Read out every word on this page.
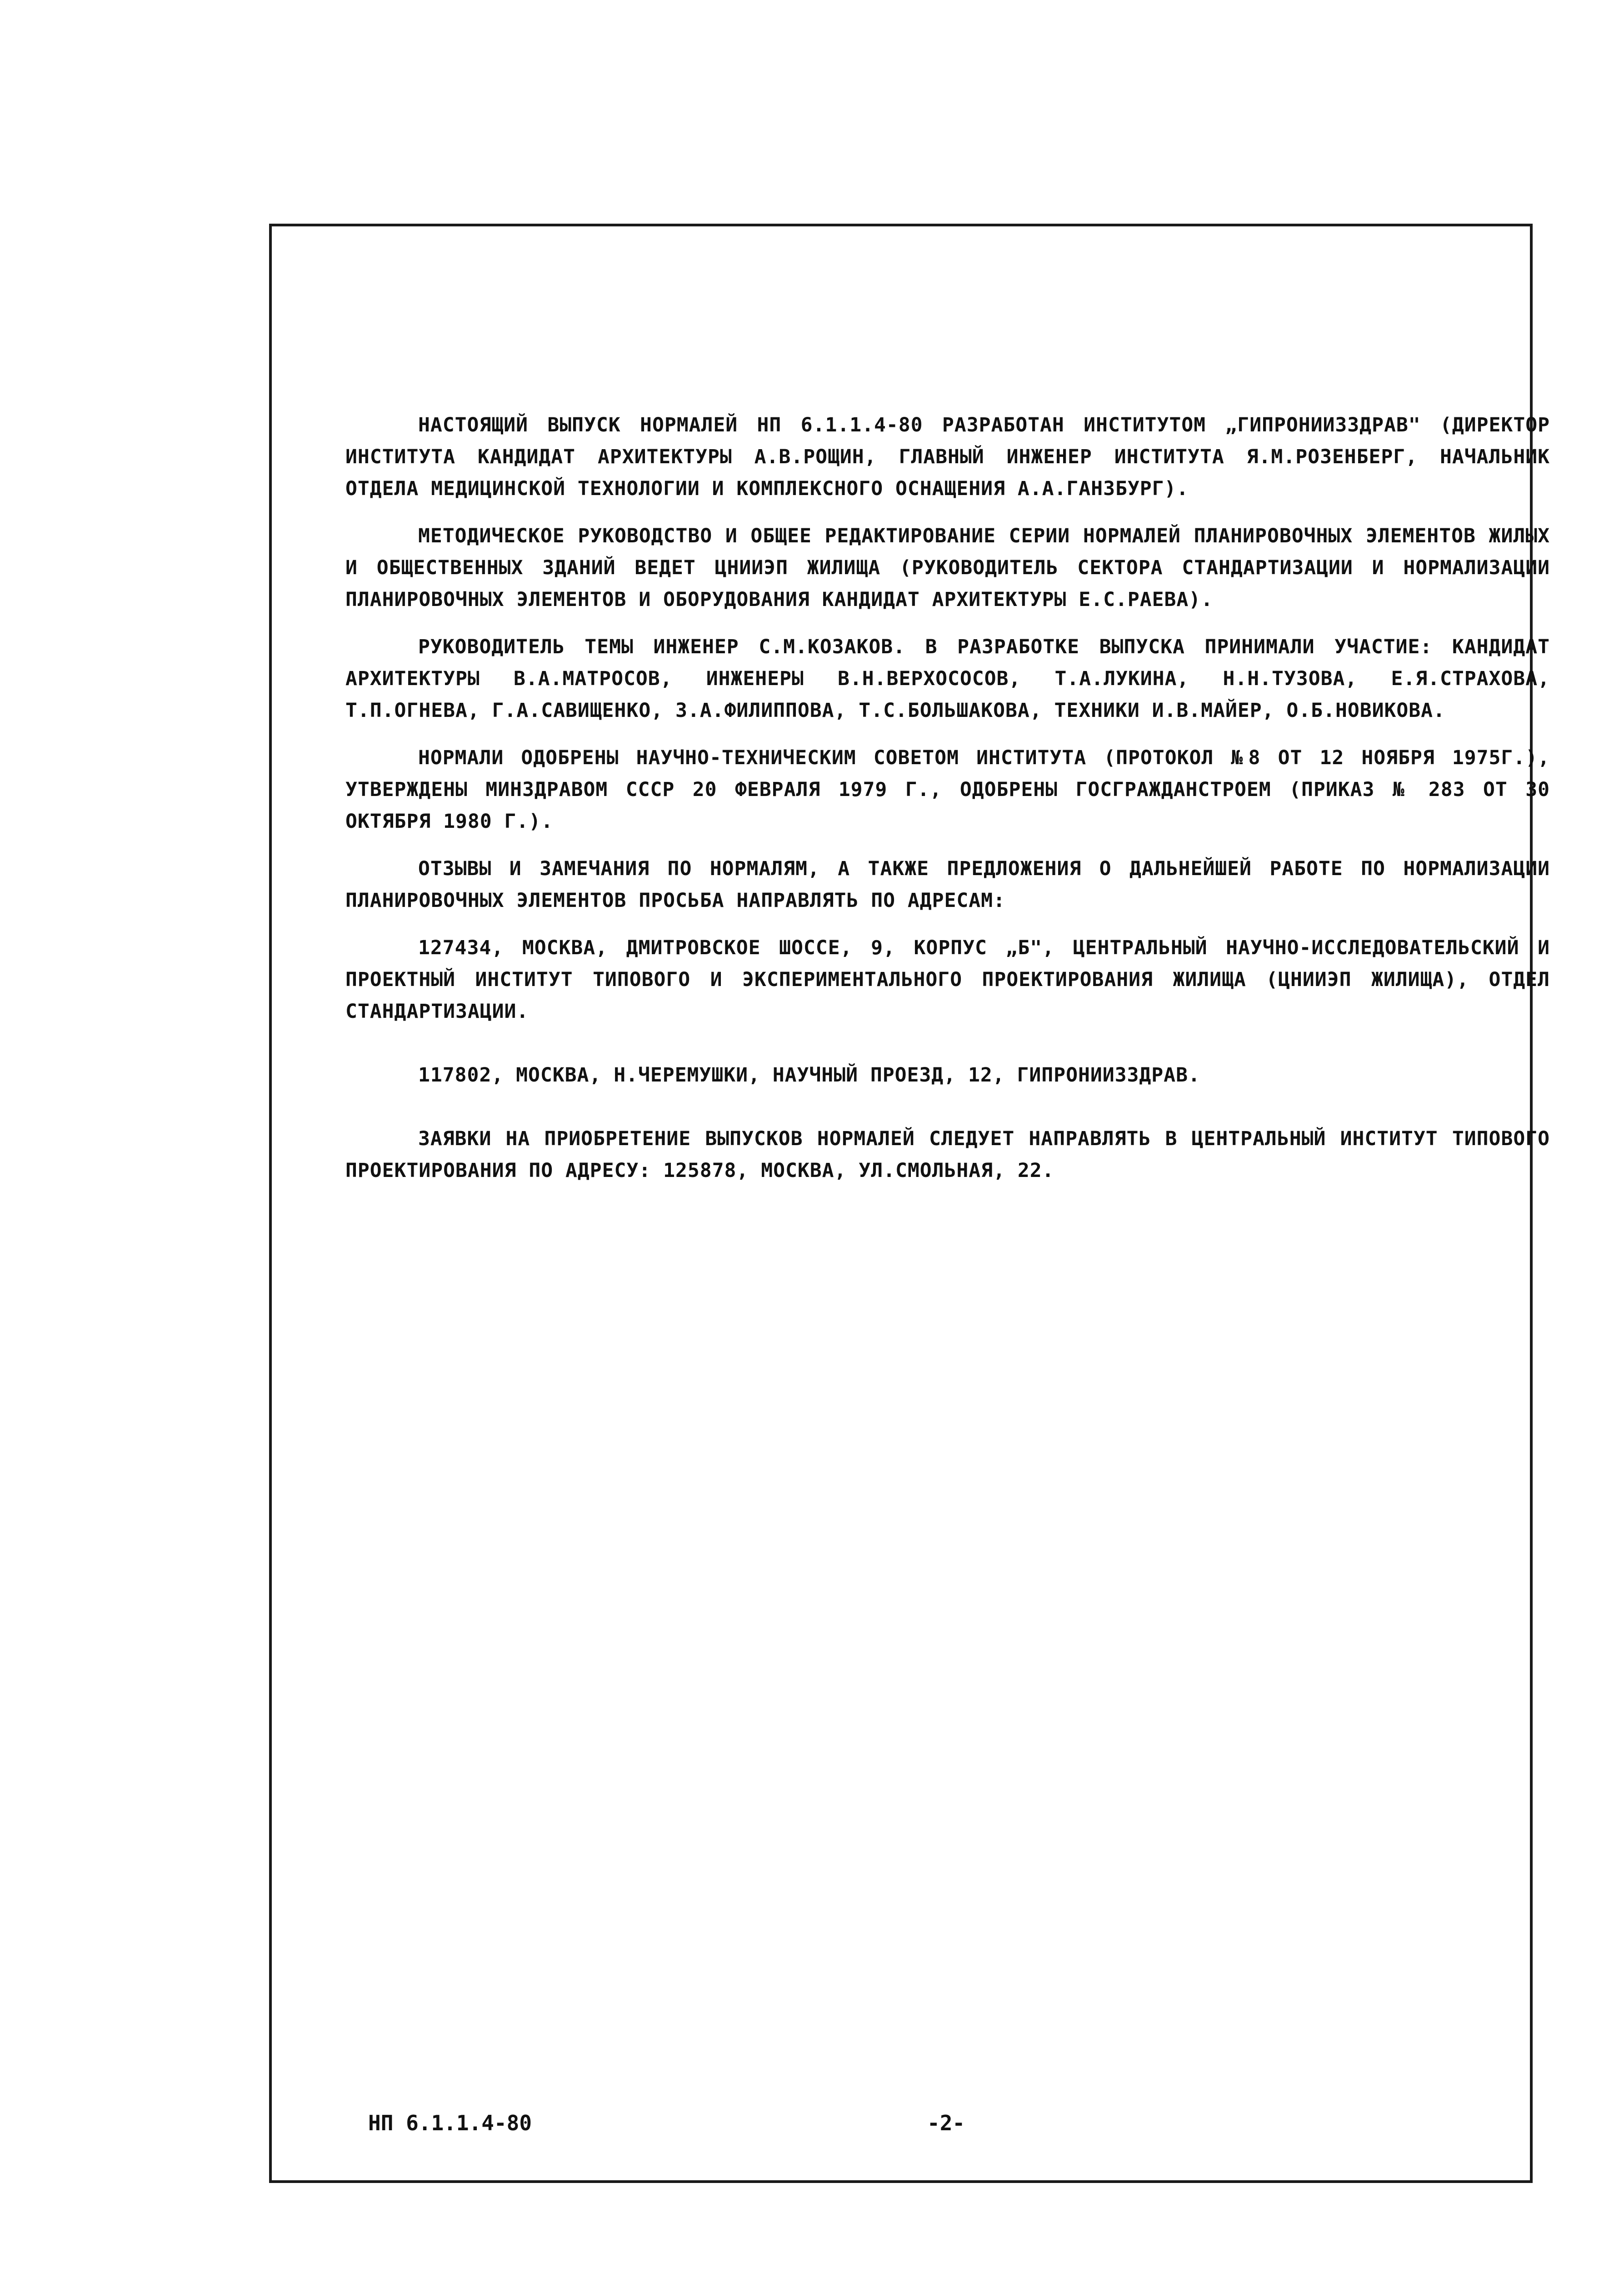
НАСТОЯЩИЙ ВЫПУСК НОРМАЛЕЙ НП 6.1.1.4-80 РАЗРАБОТАН ИНСТИТУТОМ „ГИПРОНИИЗЗДРАВ" (ДИРЕКТОР ИНСТИТУТА КАНДИДАТ АРХИТЕКТУРЫ А.В.РОЩИН, ГЛАВНЫЙ ИНЖЕНЕР ИНСТИТУТА Я.М.РОЗЕНБЕРГ, НАЧАЛЬНИК ОТДЕЛА МЕДИЦИНСКОЙ ТЕХНОЛОГИИ И КОМПЛЕКСНОГО ОСНАЩЕНИЯ А.А.ГАНЗБУРГ).

МЕТОДИЧЕСКОЕ РУКОВОДСТВО И ОБЩЕЕ РЕДАКТИРОВАНИЕ СЕРИИ НОРМАЛЕЙ ПЛАНИРОВОЧНЫХ ЭЛЕМЕНТОВ ЖИЛЫХ И ОБЩЕСТВЕННЫХ ЗДАНИЙ ВЕДЕТ ЦНИИЭП ЖИЛИЩА (РУКОВОДИТЕЛЬ СЕКТОРА СТАНДАРТИЗАЦИИ И НОРМАЛИЗАЦИИ ПЛАНИРОВОЧНЫХ ЭЛЕМЕНТОВ И ОБОРУДОВАНИЯ КАНДИДАТ АРХИТЕКТУРЫ Е.С.РАЕВА).

РУКОВОДИТЕЛЬ ТЕМЫ ИНЖЕНЕР С.М.КОЗАКОВ. В РАЗРАБОТКЕ ВЫПУСКА ПРИНИМАЛИ УЧАСТИЕ: КАНДИДАТ АРХИТЕКТУРЫ В.А.МАТРОСОВ, ИНЖЕНЕРЫ В.Н.ВЕРХОСОСОВ, Т.А.ЛУКИНА, Н.Н.ТУЗОВА, Е.Я.СТРАХОВА, Т.П.ОГНЕВА, Г.А.САВИЩЕНКО, З.А.ФИЛИППОВА, Т.С.БОЛЬШАКОВА, ТЕХНИКИ И.В.МАЙЕР, О.Б.НОВИКОВА.

НОРМАЛИ ОДОБРЕНЫ НАУЧНО-ТЕХНИЧЕСКИМ СОВЕТОМ ИНСТИТУТА (ПРОТОКОЛ №8 ОТ 12 НОЯБРЯ 1975Г.), УТВЕРЖДЕНЫ МИНЗДРАВОМ СССР 20 ФЕВРАЛЯ 1979 Г., ОДОБРЕНЫ ГОСГРАЖДАНСТРОЕМ (ПРИКАЗ № 283 ОТ 30 ОКТЯБРЯ 1980 Г.).

ОТЗЫВЫ И ЗАМЕЧАНИЯ ПО НОРМАЛЯМ, А ТАКЖЕ ПРЕДЛОЖЕНИЯ О ДАЛЬНЕЙШЕЙ РАБОТЕ ПО НОРМАЛИЗАЦИИ ПЛАНИРОВОЧНЫХ ЭЛЕМЕНТОВ ПРОСЬБА НАПРАВЛЯТЬ ПО АДРЕСАМ:

127434, МОСКВА, ДМИТРОВСКОЕ ШОССЕ, 9, КОРПУС „Б", ЦЕНТРАЛЬНЫЙ НАУЧНО-ИССЛЕДОВАТЕЛЬСКИЙ И ПРОЕКТНЫЙ ИНСТИТУТ ТИПОВОГО И ЭКСПЕРИМЕНТАЛЬНОГО ПРОЕКТИРОВАНИЯ ЖИЛИЩА (ЦНИИЭП ЖИЛИЩА), ОТДЕЛ СТАНДАРТИЗАЦИИ.

117802, МОСКВА, Н.ЧЕРЕМУШКИ, НАУЧНЫЙ ПРОЕЗД, 12, ГИПРОНИИЗЗДРАВ.

ЗАЯВКИ НА ПРИОБРЕТЕНИЕ ВЫПУСКОВ НОРМАЛЕЙ СЛЕДУЕТ НАПРАВЛЯТЬ В ЦЕНТРАЛЬНЫЙ ИНСТИТУТ ТИПОВОГО ПРОЕКТИРОВАНИЯ ПО АДРЕСУ: 125878, МОСКВА, УЛ.СМОЛЬНАЯ, 22.

НП 6.1.1.4-80	-2-
